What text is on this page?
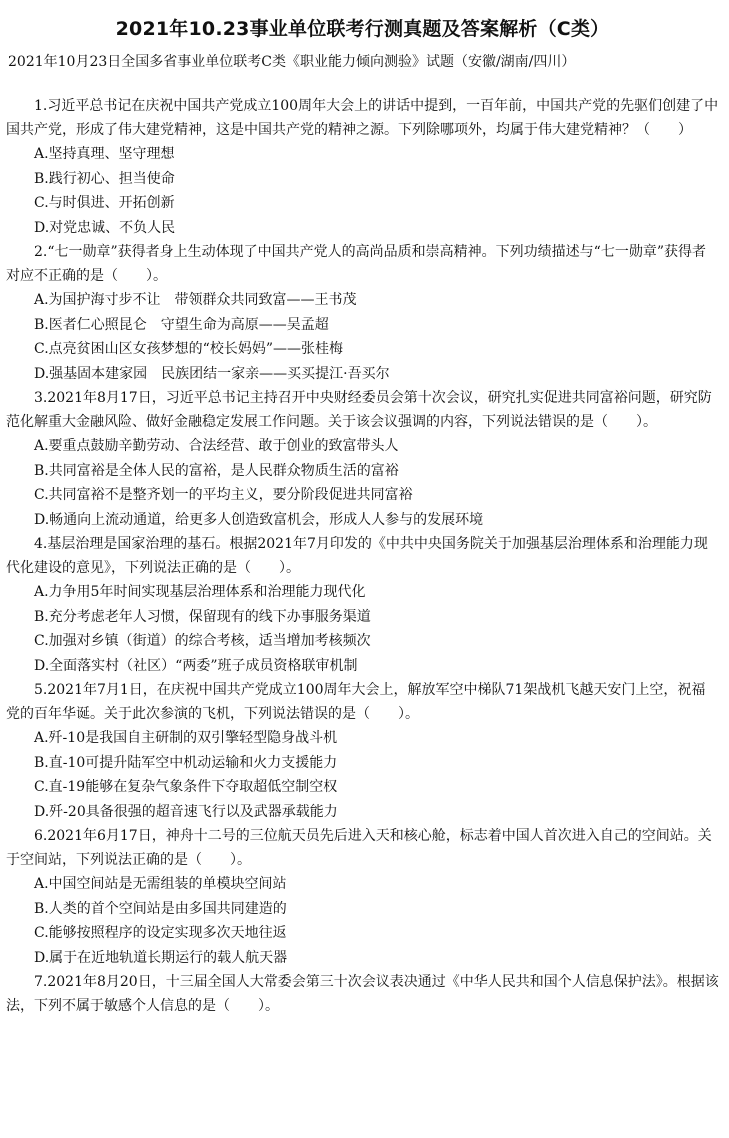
2021年10.23事业单位联考行测真题及答案解析（C类）

2021年10月23日全国多省事业单位联考C类《职业能力倾向测验》试题（安徽/湖南/四川）

1.习近平总书记在庆祝中国共产党成立100周年大会上的讲话中提到，一百年前，中国共产党的先驱们创建了中国共产党，形成了伟大建党精神，这是中国共产党的精神之源。下列除哪项外，均属于伟大建党精神？（　　）

A.坚持真理、坚守理想

B.践行初心、担当使命

C.与时俱进、开拓创新

D.对党忠诚、不负人民

2.“七一勋章”获得者身上生动体现了中国共产党人的高尚品质和崇高精神。下列功绩描述与“七一勋章”获得者对应不正确的是（　　）。

A.为国护海寸步不让　带领群众共同致富——王书茂

B.医者仁心照昆仑　守望生命为高原——吴孟超

C.点亮贫困山区女孩梦想的“校长妈妈”——张桂梅

D.强基固本建家园　民族团结一家亲——买买提江·吾买尔

3.2021年8月17日，习近平总书记主持召开中央财经委员会第十次会议，研究扎实促进共同富裕问题，研究防范化解重大金融风险、做好金融稳定发展工作问题。关于该会议强调的内容，下列说法错误的是（　　）。

A.要重点鼓励辛勤劳动、合法经营、敢于创业的致富带头人

B.共同富裕是全体人民的富裕，是人民群众物质生活的富裕

C.共同富裕不是整齐划一的平均主义，要分阶段促进共同富裕

D.畅通向上流动通道，给更多人创造致富机会，形成人人参与的发展环境

4.基层治理是国家治理的基石。根据2021年7月印发的《中共中央国务院关于加强基层治理体系和治理能力现代化建设的意见》，下列说法正确的是（　　）。

A.力争用5年时间实现基层治理体系和治理能力现代化

B.充分考虑老年人习惯，保留现有的线下办事服务渠道

C.加强对乡镇（街道）的综合考核，适当增加考核频次

D.全面落实村（社区）“两委”班子成员资格联审机制

5.2021年7月1日，在庆祝中国共产党成立100周年大会上，解放军空中梯队71架战机飞越天安门上空，祝福党的百年华诞。关于此次参演的飞机，下列说法错误的是（　　）。

A.歼-10是我国自主研制的双引擎轻型隐身战斗机

B.直-10可提升陆军空中机动运输和火力支援能力

C.直-19能够在复杂气象条件下夺取超低空制空权

D.歼-20具备很强的超音速飞行以及武器承载能力

6.2021年6月17日，神舟十二号的三位航天员先后进入天和核心舱，标志着中国人首次进入自己的空间站。关于空间站，下列说法正确的是（　　）。

A.中国空间站是无需组装的单模块空间站

B.人类的首个空间站是由多国共同建造的

C.能够按照程序的设定实现多次天地往返

D.属于在近地轨道长期运行的载人航天器

7.2021年8月20日，十三届全国人大常委会第三十次会议表决通过《中华人民共和国个人信息保护法》。根据该法，下列不属于敏感个人信息的是（　　）。
